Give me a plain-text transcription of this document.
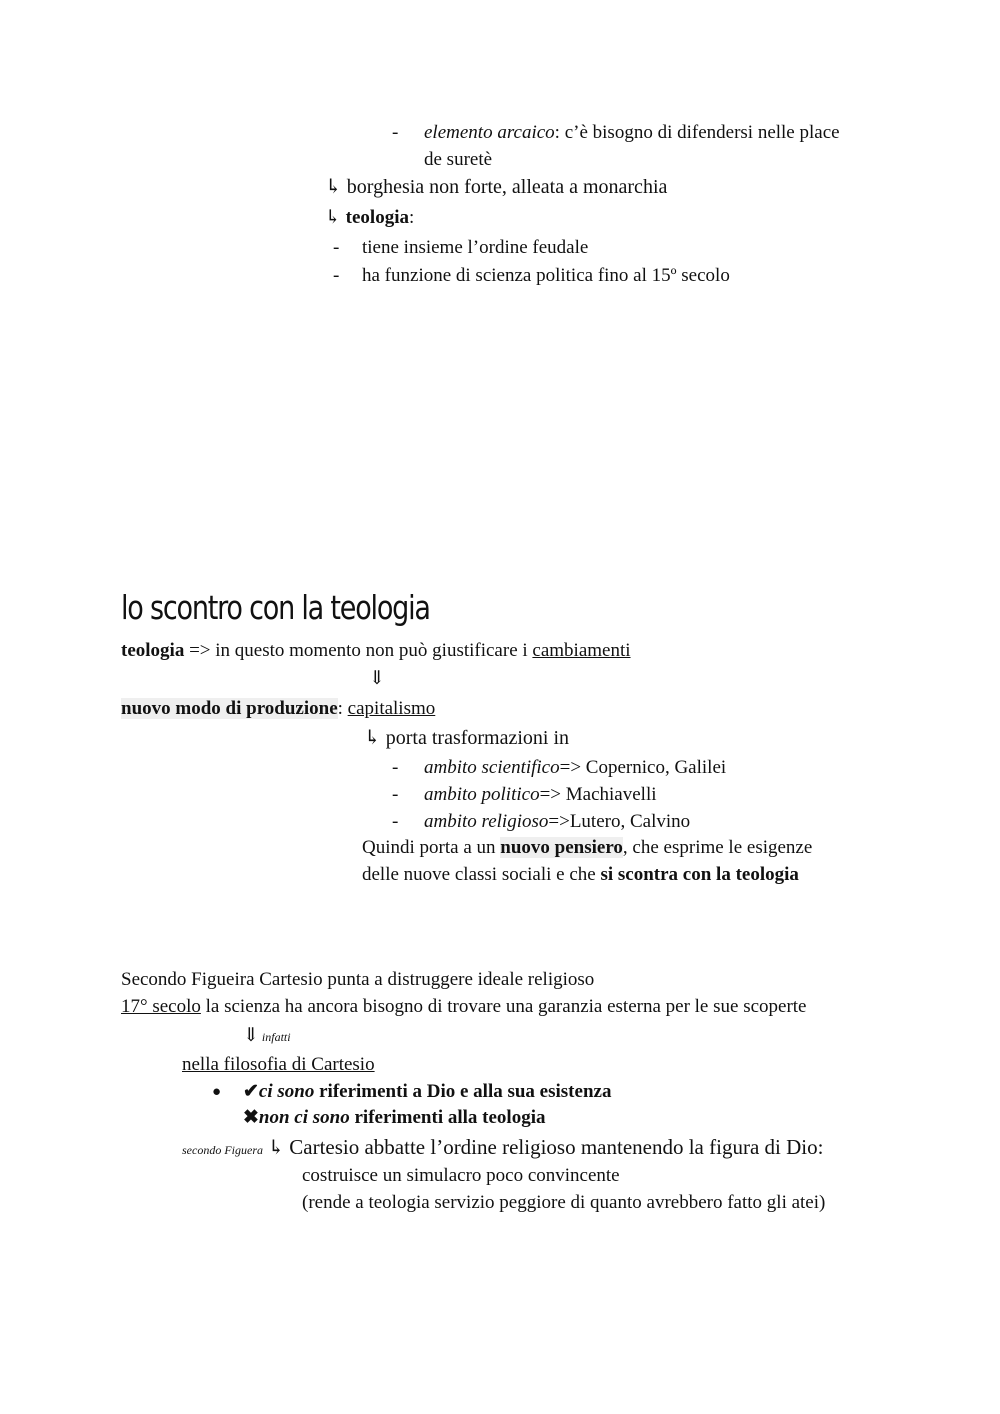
- elemento arcaico: c’è bisogno di difendersi nelle place
de suretè
↳ borghesia non forte, alleata a monarchia
↳ teologia:
- tiene insieme l’ordine feudale
- ha funzione di scienza politica fino al 15º secolo
lo scontro con la teologia
teologia => in questo momento non può giustificare i cambiamenti
⇓
nuovo modo di produzione: capitalismo
↳ porta trasformazioni in
- ambito scientifico=> Copernico, Galilei
- ambito politico=> Machiavelli
- ambito religioso=>Lutero, Calvino
Quindi porta a un nuovo pensiero, che esprime le esigenze
delle nuove classi sociali e che si scontra con la teologia
Secondo Figueira Cartesio punta a distruggere ideale religioso
17° secolo la scienza ha ancora bisogno di trovare una garanzia esterna per le sue scoperte
⇓ infatti
nella filosofia di Cartesio
● ✔ci sono riferimenti a Dio e alla sua esistenza
✖non ci sono riferimenti alla teologia
secondo Figuera ↳ Cartesio abbatte l’ordine religioso mantenendo la figura di Dio:
costruisce un simulacro poco convincente
(rende a teologia servizio peggiore di quanto avrebbero fatto gli atei)
